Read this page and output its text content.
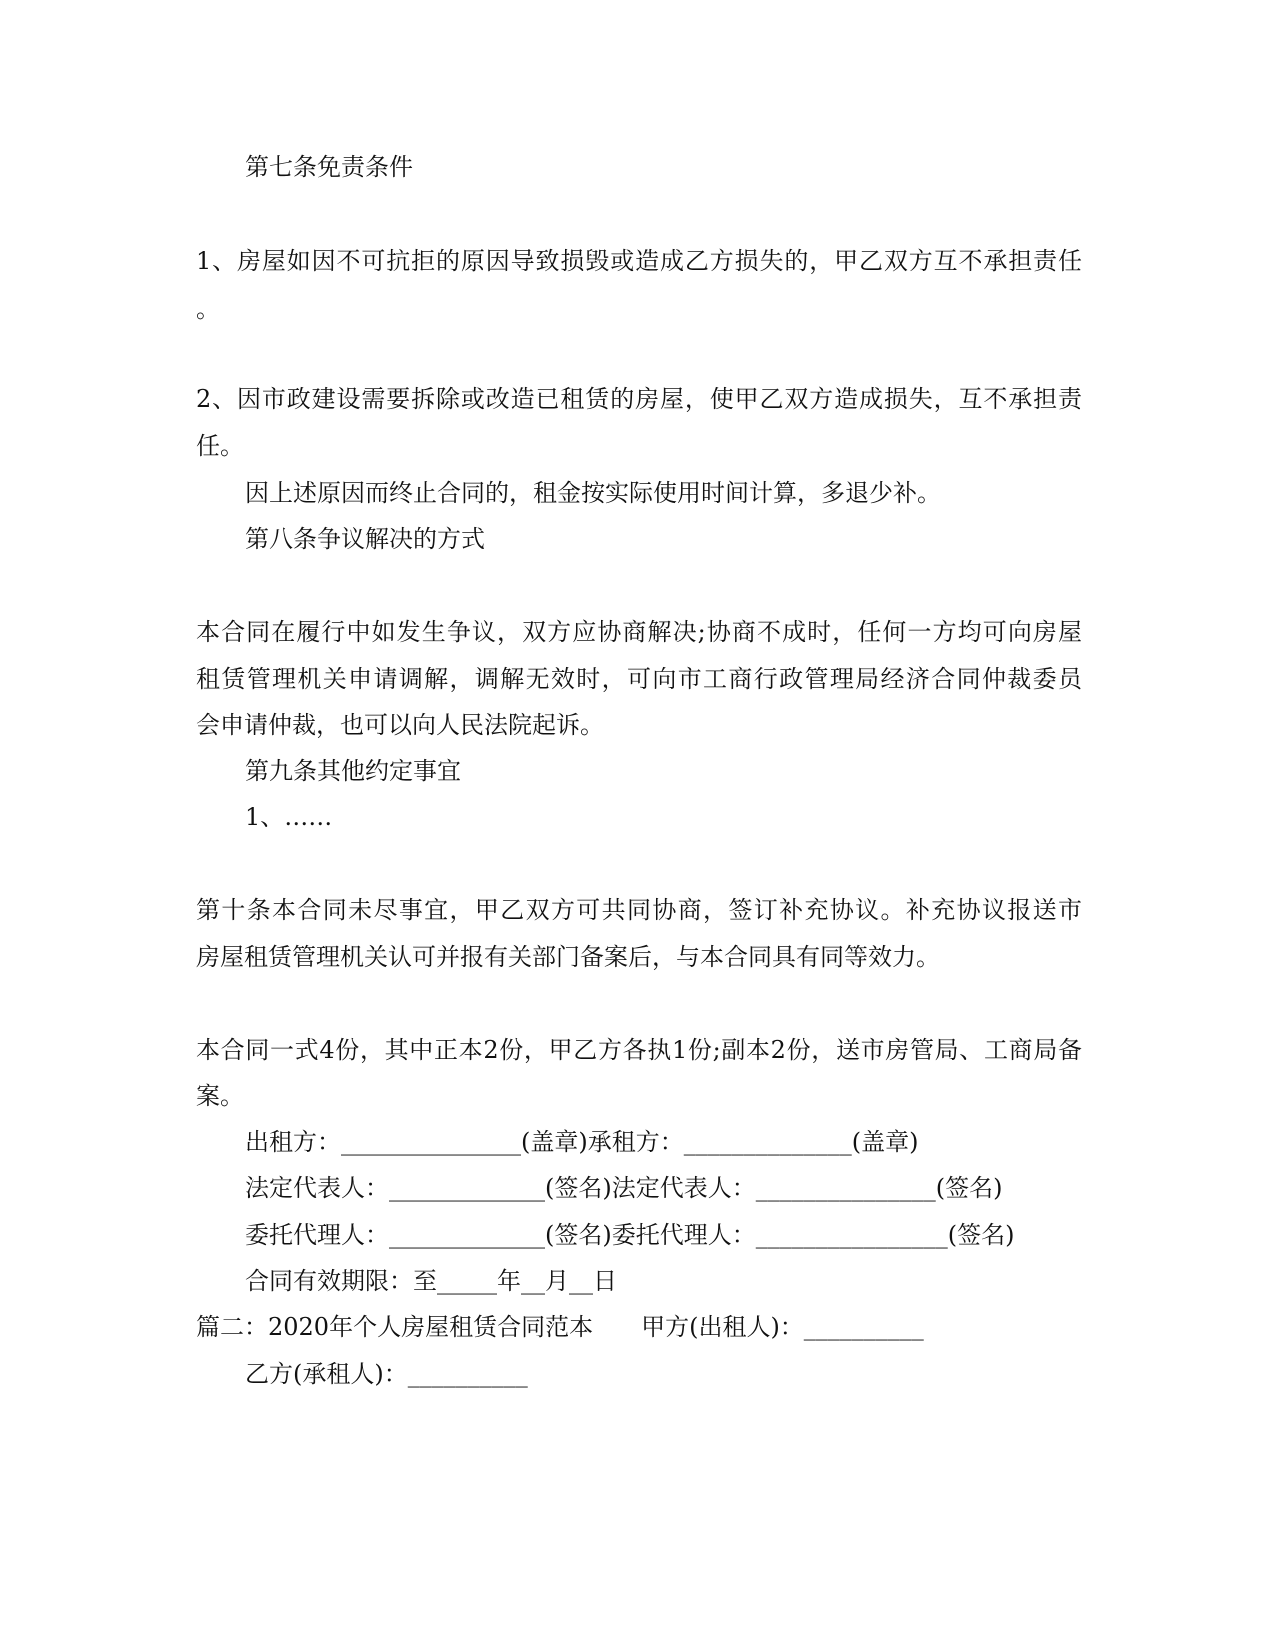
第七条免责条件
1、房屋如因不可抗拒的原因导致损毁或造成乙方损失的，甲乙双方互不承担责任
。
2、因市政建设需要拆除或改造已租赁的房屋，使甲乙双方造成损失，互不承担责
任。
因上述原因而终止合同的，租金按实际使用时间计算，多退少补。
第八条争议解决的方式
本合同在履行中如发生争议，双方应协商解决;协商不成时，任何一方均可向房屋
租赁管理机关申请调解，调解无效时，可向市工商行政管理局经济合同仲裁委员
会申请仲裁，也可以向人民法院起诉。
第九条其他约定事宜
1、……
第十条本合同未尽事宜，甲乙双方可共同协商，签订补充协议。补充协议报送市
房屋租赁管理机关认可并报有关部门备案后，与本合同具有同等效力。
本合同一式4份，其中正本2份，甲乙方各执1份;副本2份，送市房管局、工商局备
案。
出租方：_______________(盖章)承租方：______________(盖章)
法定代表人：_____________(签名)法定代表人：_______________(签名)
委托代理人：_____________(签名)委托代理人：________________(签名)
合同有效期限：至_____年__月__日
篇二：2020年个人房屋租赁合同范本　　甲方(出租人)：__________
乙方(承租人)：__________
